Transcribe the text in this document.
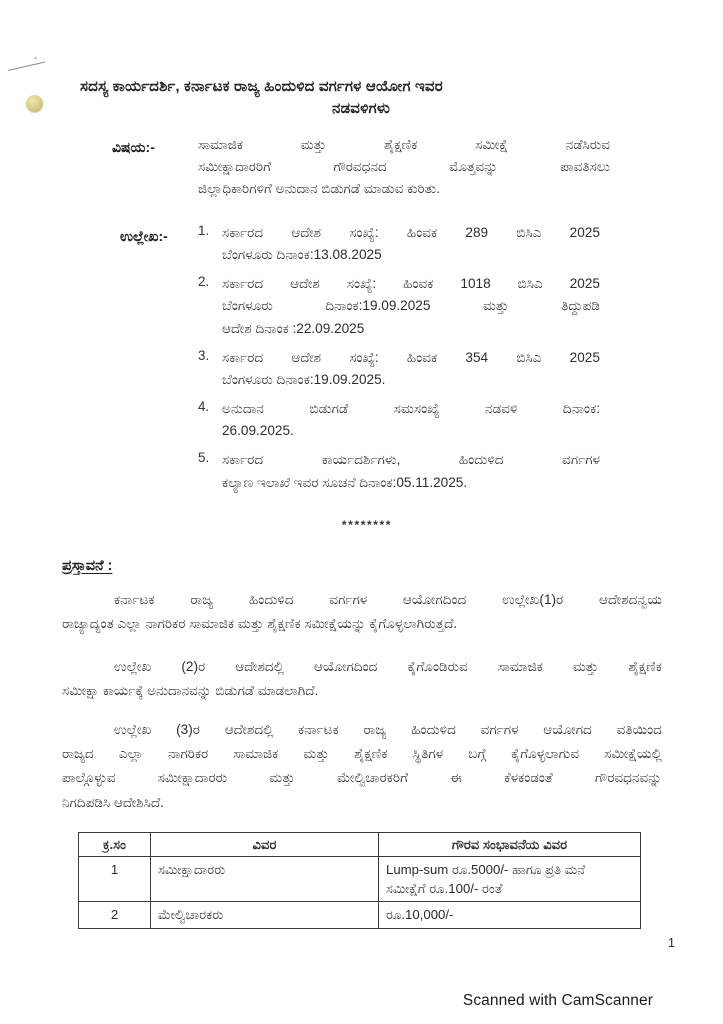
ಸದಸ್ಯ ಕಾರ್ಯದರ್ಶಿ, ಕರ್ನಾಟಕ ರಾಜ್ಯ ಹಿಂದುಳಿದ ವರ್ಗಗಳ ಆಯೋಗ ಇವರ
ನಡವಳಿಗಳು
ವಿಷಯ:-	ಸಾಮಾಜಿಕ	ಮತ್ತು	ಶೈಕ್ಷಣಿಕ	ಸಮೀಕ್ಷೆ	ನಡೆಸಿರುವ
ಸಮೀಕ್ಷಾದಾರರಿಗೆ	ಗೌರವಧನದ	ಮೊತ್ತವನ್ನು	ಪಾವತಿಸಲು
ಜಿಲ್ಲಾಧಿಕಾರಿಗಳಿಗೆ ಅನುದಾನ ಬಿಡುಗಡೆ ಮಾಡುವ ಕುರಿತು.
ಉಲ್ಲೇಖ:- 1. ಸರ್ಕಾರದ ಆದೇಶ ಸಂಖ್ಯೆ: ಹಿಂವಕ 289 ಬಿಸಿಎ 2025
ಬೆಂಗಳೂರು ದಿನಾಂಕ:13.08.2025
2. ಸರ್ಕಾರದ ಆದೇಶ ಸಂಖ್ಯೆ: ಹಿಂವಕ 1018 ಬಿಸಿಎ 2025
ಬೆಂಗಳೂರು	ದಿನಾಂಕ:19.09.2025	ಮತ್ತು	ತಿದ್ದುಪಡಿ
ಆದೇಶ ದಿನಾಂಕ :22.09.2025
3. ಸರ್ಕಾರದ ಆದೇಶ ಸಂಖ್ಯೆ: ಹಿಂವಕ 354 ಬಿಸಿಎ 2025
ಬೆಂಗಳೂರು ದಿನಾಂಕ:19.09.2025.
4. ಅನುದಾನ	ಬಿಡುಗಡೆ	ಸಮಸಂಖ್ಯೆ	ನಡವಳಿ	ದಿನಾಂಕ:
26.09.2025.
5. ಸರ್ಕಾರದ	ಕಾರ್ಯದರ್ಶಿಗಳು,	ಹಿಂದುಳಿದ	ವರ್ಗಗಳ
ಕಲ್ಯಾಣ ಇಲಾಖೆ ಇವರ ಸೂಚನೆ ದಿನಾಂಕ:05.11.2025.
********
ಪ್ರಸ್ತಾವನೆ :
ಕರ್ನಾಟಕ	ರಾಜ್ಯ	ಹಿಂದುಳಿದ	ವರ್ಗಗಳ	ಆಯೋಗದಿಂದ	ಉಲ್ಲೇಖ(1)ರ	ಆದೇಶದನ್ವಯ
ರಾಜ್ಯಾದ್ಯಂತ ಎಲ್ಲಾ ನಾಗರಿಕರ ಸಾಮಾಜಿಕ ಮತ್ತು ಶೈಕ್ಷಣಿಕ ಸಮೀಕ್ಷೆಯನ್ನು ಕೈಗೊಳ್ಳಲಾಗಿರುತ್ತದೆ.
ಉಲ್ಲೇಖ (2)ರ ಆದೇಶದಲ್ಲಿ ಆಯೋಗದಿಂದ ಕೈಗೊಂಡಿರುವ ಸಾಮಾಜಿಕ ಮತ್ತು ಶೈಕ್ಷಣಿಕ
ಸಮೀಕ್ಷಾ ಕಾರ್ಯಕ್ಕೆ ಅನುದಾನವನ್ನು ಬಿಡುಗಡೆ ಮಾಡಲಾಗಿದೆ.
ಉಲ್ಲೇಖ (3)ರ ಆದೇಶದಲ್ಲಿ ಕರ್ನಾಟಕ ರಾಜ್ಯ ಹಿಂದುಳಿದ ವರ್ಗಗಳ ಆಯೋಗದ ವತಿಯಿಂದ
ರಾಜ್ಯದ ಎಲ್ಲಾ ನಾಗರಿಕರ ಸಾಮಾಜಿಕ ಮತ್ತು ಶೈಕ್ಷಣಿಕ ಸ್ಥಿತಿಗಳ ಬಗ್ಗೆ ಕೈಗೊಳ್ಳಲಾಗುವ ಸಮೀಕ್ಷೆಯಲ್ಲಿ
ಪಾಲ್ಗೊಳ್ಳುವ	ಸಮೀಕ್ಷಾದಾರರು	ಮತ್ತು	ಮೇಲ್ವಿಚಾರಕರಿಗೆ	ಈ	ಕೆಳಕಂಡಂತೆ	ಗೌರವಧನವನ್ನು
ನಿಗದಿಪಡಿಸಿ ಆದೇಶಿಸಿದೆ.
ಕ್ರ.ಸಂ	ವಿವರ	ಗೌರವ ಸಂಭಾವನೆಯ ವಿವರ
1	ಸಮೀಕ್ಷಾದಾರರು	Lump-sum ರೂ.5000/- ಹಾಗೂ ಪ್ರತಿ ಮನೆ
ಸಮೀಕ್ಷೆಗೆ ರೂ.100/- ರಂತೆ

2	ಮೇಲ್ವಿಚಾರಕರು	ರೂ.10,000/-
1
Scanned with CamScanner
